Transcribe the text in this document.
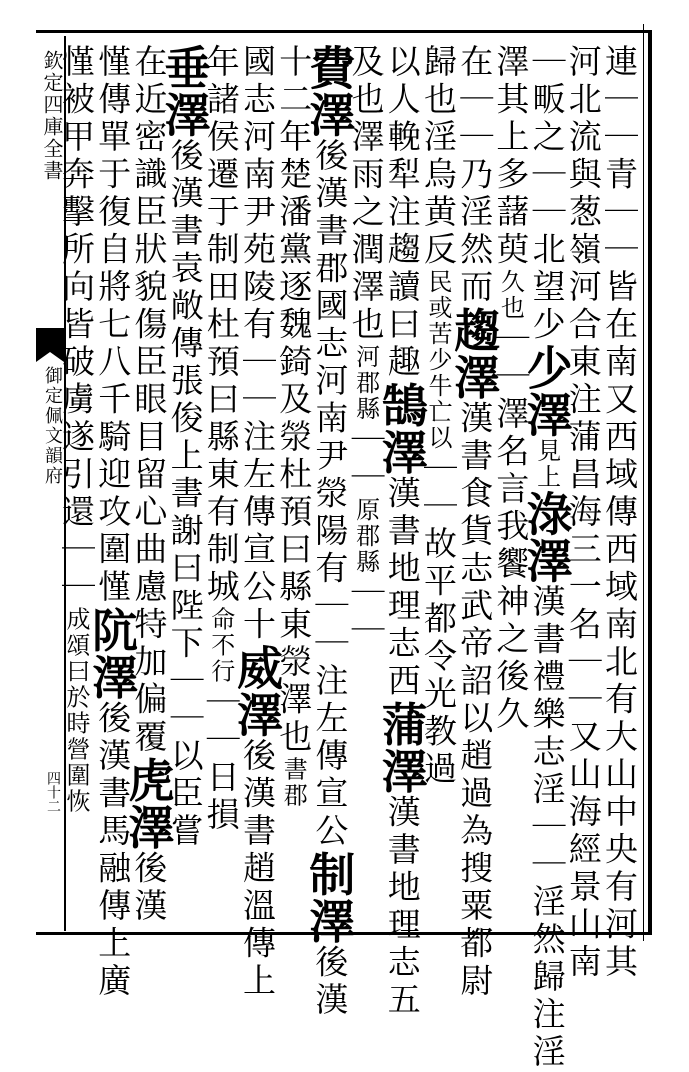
欽定四庫全書
御定佩文韻府
四十二	連｜｜青｜｜皆在南又西域傳西域南北有大山中央有河其
河北流與葱嶺河合東注蒲昌海三一名｜｜又山海經景山南
｜畈之｜｜北望少少澤見上淥澤漢書禮樂志淫｜｜淫然歸注淫
澤其上多藷萸久也｜｜澤名言我饗神之後久
在｜｜乃淫然而趨澤漢書食貨志武帝詔以趙過為搜粟都尉
歸也淫烏黄反民或苦少牛亡以｜｜故平都令光教過
以人輓犁注趨讀曰趣鵠澤漢書地理志西蒲澤漢書地理志五
及也澤雨之潤澤也河郡縣｜｜原郡縣｜｜
費澤後漢書郡國志河南尹滎陽有｜｜注左傳宣公制澤後漢
十二年楚潘黨逐魏錡及滎杜預曰縣東滎澤也書郡
國志河南尹苑陵有｜｜注左傳宣公十威澤後漢書趙溫傳上
年諸侯遷于制田杜預曰縣東有制城命不行｜｜日損
垂澤後漢書袁敞傳張俊上書謝曰陛下｜｜以臣嘗
在近密識臣狀貌傷臣眼目留心曲慮特加偏覆虎澤後漢
慬傳單于復自將七八千騎迎攻圍慬阬澤後漢書馬融傳上廣
慬被甲奔擊所向皆破虜遂引還｜｜成頌曰於時營圍恢
